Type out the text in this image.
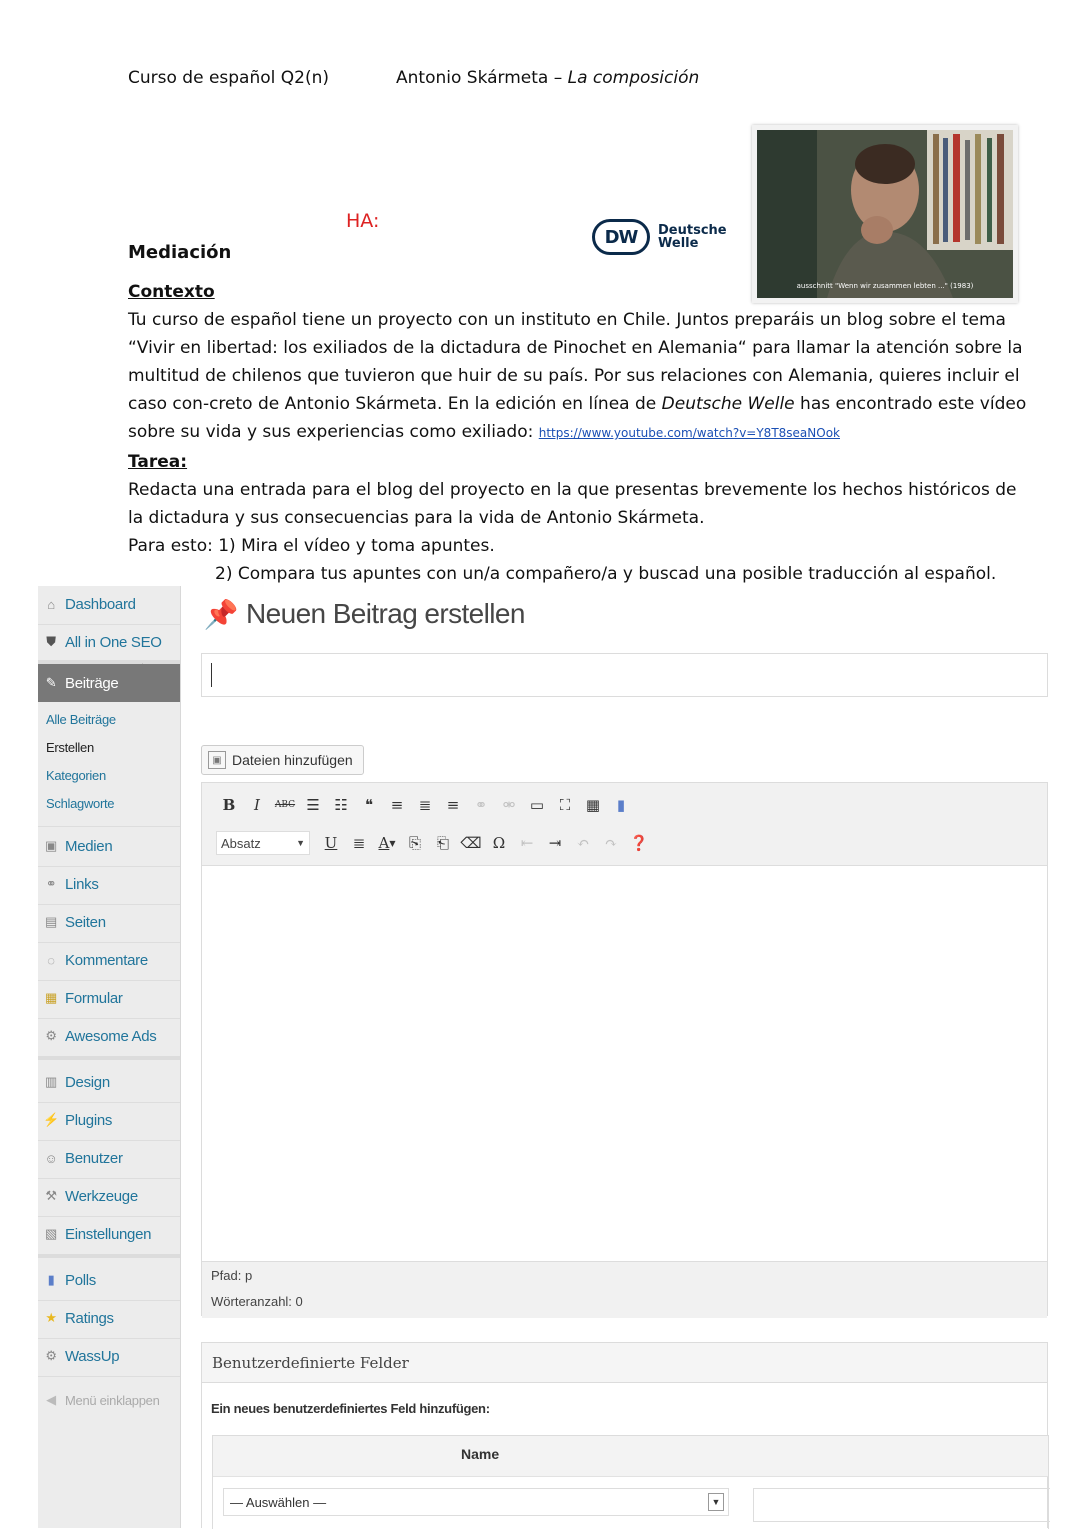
Curso de español Q2(n)	Antonio Skármeta – La composición
HA:
Mediación
DW	Deutsche
Welle
ausschnitt "Wenn wir zusammen lebten ..." (1983)
Contexto
Tu curso de español tiene un proyecto con un instituto en Chile. Juntos preparáis un blog sobre el tema “Vivir en libertad: los exiliados de la dictadura de Pinochet en Alemania“ para llamar la atención sobre la multitud de chilenos que tuvieron que huir de su país. Por sus relaciones con Alemania, quieres incluir el caso con-creto de Antonio Skármeta. En la edición en línea de Deutsche Welle has encontrado este vídeo sobre su vida y sus experiencias como exiliado: https://www.youtube.com/watch?v=Y8T8seaNOok
Tarea:
Redacta una entrada para el blog del proyecto en la que presentas brevemente los hechos históricos de la dictadura y sus consecuencias para la vida de Antonio Skármeta.
Para esto: 1) Mira el vídeo y toma apuntes.
2) Compara tus apuntes con un/a compañero/a y buscad una posible traducción al español.
⌂ Dashboard
⛊ All in One SEO
✎ Beiträge
Alle Beiträge
Erstellen
Kategorien
Schlagworte
▣ Medien
⚭ Links
▤ Seiten
◌ Kommentare
▦ Formular
⚙ Awesome Ads
▥ Design
⚡ Plugins
☺ Benutzer
⚒ Werkzeuge
▧ Einstellungen
▮ Polls
★ Ratings
⚙ WassUp
◀ Menü einklappen
📌 Neuen Beitrag erstellen
▣ Dateien hinzufügen
B I ABC ☰ ☷	❝	≡	≣	≡	⚭	⚮ ▭	⛶	▦	▮
Absatz	▼ U	≣ A ▼ ⎘	⎗ ⌫ Ω	⇤	⇥	↶	↷ ❓
Pfad: p
Wörteranzahl: 0
Benutzerdefinierte Felder
Ein neues benutzerdefiniertes Feld hinzufügen:
Name
— Auswählen —	▼
